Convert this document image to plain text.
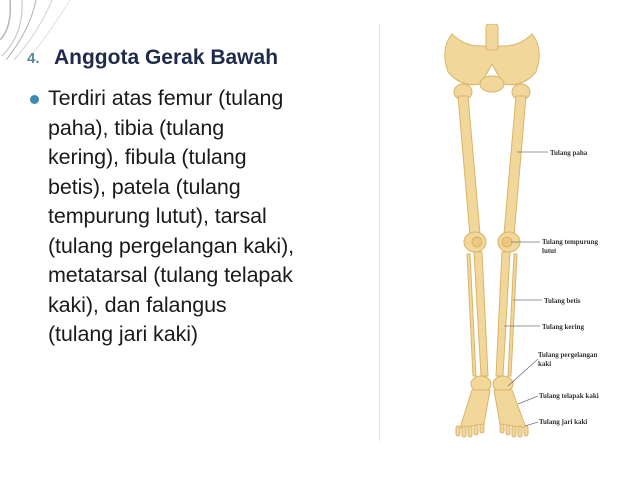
4. Anggota Gerak Bawah
Terdiri atas femur (tulang
paha), tibia (tulang
kering), fibula (tulang
betis), patela (tulang
tempurung lutut), tarsal
(tulang pergelangan kaki),
metatarsal (tulang telapak
kaki), dan falangus
(tulang jari kaki)
Tulang paha
Tulang tempurung
lutut
Tulang betis
Tulang kering
Tulang pergelangan
kaki
Tulang telapak kaki
Tulang jari kaki
